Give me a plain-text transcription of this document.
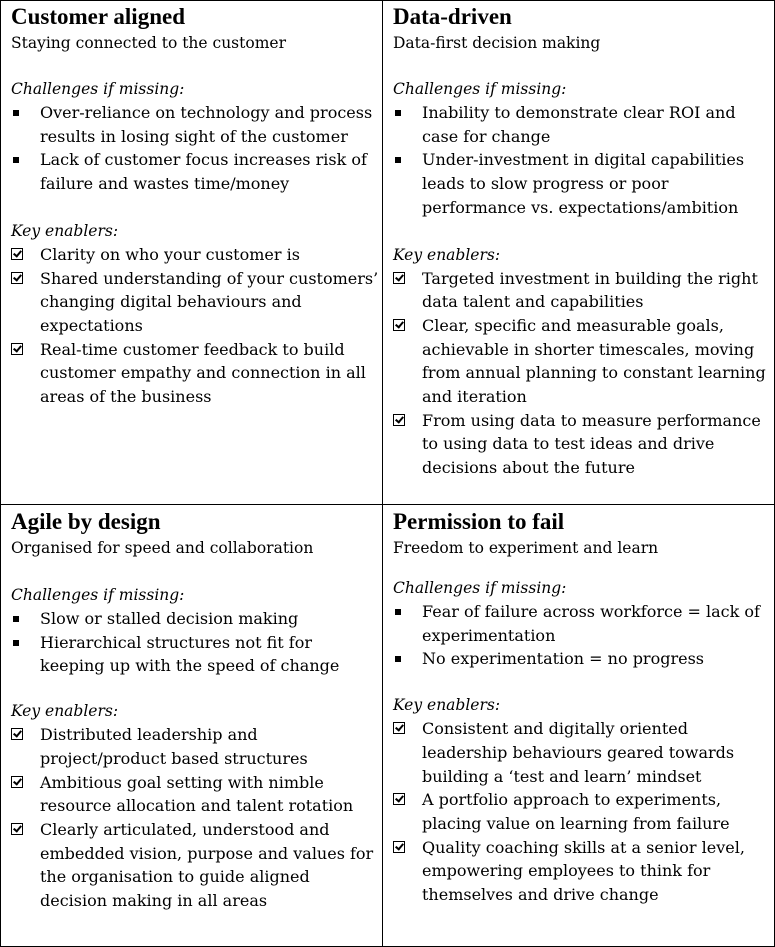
Customer aligned
Staying connected to the customer
Challenges if missing:
Over-reliance on technology and process results in losing sight of the customer
Lack of customer focus increases risk of failure and wastes time/money
Key enablers:
Clarity on who your customer is
Shared understanding of your customers’ changing digital behaviours and expectations
Real-time customer feedback to build customer empathy and connection in all areas of the business
Data-driven
Data-first decision making
Challenges if missing:
Inability to demonstrate clear ROI and case for change
Under-investment in digital capabilities leads to slow progress or poor performance vs. expectations/ambition
Key enablers:
Targeted investment in building the right data talent and capabilities
Clear, specific and measurable goals, achievable in shorter timescales, moving from annual planning to constant learning and iteration
From using data to measure performance to using data to test ideas and drive decisions about the future
Agile by design
Organised for speed and collaboration
Challenges if missing:
Slow or stalled decision making
Hierarchical structures not fit for keeping up with the speed of change
Key enablers:
Distributed leadership and project/product based structures
Ambitious goal setting with nimble resource allocation and talent rotation
Clearly articulated, understood and embedded vision, purpose and values for the organisation to guide aligned decision making in all areas
Permission to fail
Freedom to experiment and learn
Challenges if missing:
Fear of failure across workforce = lack of experimentation
No experimentation = no progress
Key enablers:
Consistent and digitally oriented leadership behaviours geared towards building a ‘test and learn’ mindset
A portfolio approach to experiments, placing value on learning from failure
Quality coaching skills at a senior level, empowering employees to think for themselves and drive change
